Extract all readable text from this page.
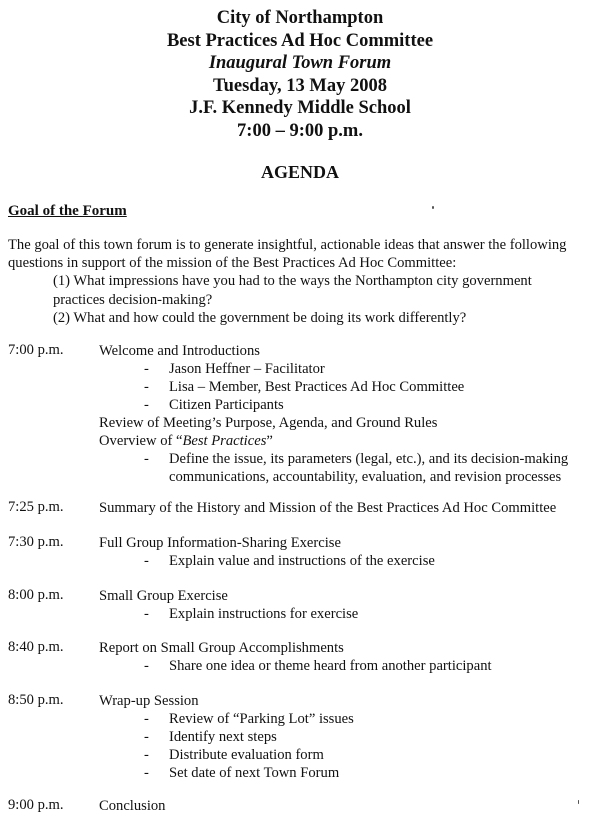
City of Northampton
Best Practices Ad Hoc Committee
Inaugural Town Forum
Tuesday, 13 May 2008
J.F. Kennedy Middle School
7:00 – 9:00 p.m.
AGENDA
Goal of the Forum
The goal of this town forum is to generate insightful, actionable ideas that answer the following
questions in support of the mission of the Best Practices Ad Hoc Committee:
(1) What impressions have you had to the ways the Northampton city government
practices decision-making?
(2) What and how could the government be doing its work differently?
7:00 p.m. Welcome and Introductions
- Jason Heffner – Facilitator
- Lisa – Member, Best Practices Ad Hoc Committee
- Citizen Participants
Review of Meeting’s Purpose, Agenda, and Ground Rules
Overview of “Best Practices”
- Define the issue, its parameters (legal, etc.), and its decision-making
communications, accountability, evaluation, and revision processes
7:25 p.m. Summary of the History and Mission of the Best Practices Ad Hoc Committee
7:30 p.m. Full Group Information-Sharing Exercise
- Explain value and instructions of the exercise
8:00 p.m. Small Group Exercise
- Explain instructions for exercise
8:40 p.m. Report on Small Group Accomplishments
- Share one idea or theme heard from another participant
8:50 p.m. Wrap-up Session
- Review of “Parking Lot” issues
- Identify next steps
- Distribute evaluation form
- Set date of next Town Forum
9:00 p.m. Conclusion
